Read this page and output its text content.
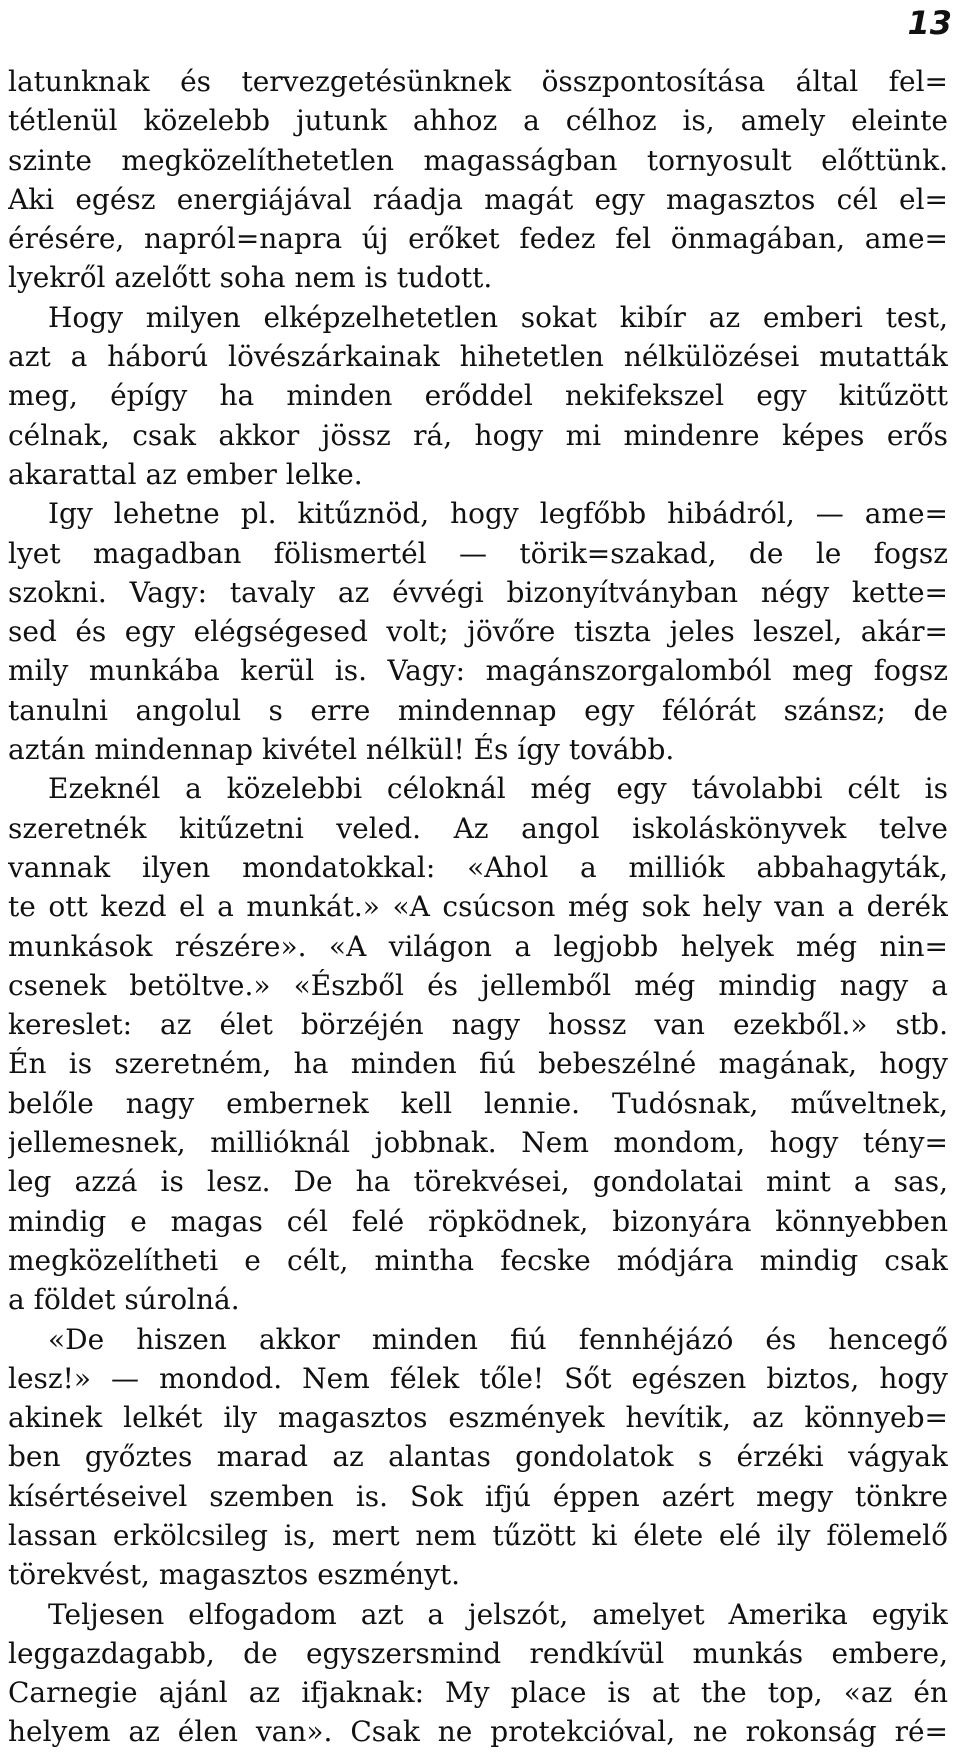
13
latunknak és tervezgetésünknek összpontosítása által fel=
tétlenül közelebb jutunk ahhoz a célhoz is, amely eleinte
szinte megközelíthetetlen magasságban tornyosult előttünk.
Aki egész energiájával ráadja magát egy magasztos cél el=
érésére, napról=napra új erőket fedez fel önmagában, ame=
lyekről azelőtt soha nem is tudott.
Hogy milyen elképzelhetetlen sokat kibír az emberi test,
azt a háború lövészárkainak hihetetlen nélkülözései mutatták
meg, épígy ha minden erőddel nekifekszel egy kitűzött
célnak, csak akkor jössz rá, hogy mi mindenre képes erős
akarattal az ember lelke.
Igy lehetne pl. kitűznöd, hogy legfőbb hibádról, — ame=
lyet magadban fölismertél — törik=szakad, de le fogsz
szokni. Vagy: tavaly az évvégi bizonyítványban négy kette=
sed és egy elégségesed volt; jövőre tiszta jeles leszel, akár=
mily munkába kerül is. Vagy: magánszorgalomból meg fogsz
tanulni angolul s erre mindennap egy félórát szánsz; de
aztán mindennap kivétel nélkül! És így tovább.
Ezeknél a közelebbi céloknál még egy távolabbi célt is
szeretnék kitűzetni veled. Az angol iskoláskönyvek telve
vannak ilyen mondatokkal: «Ahol a milliók abbahagyták,
te ott kezd el a munkát.» «A csúcson még sok hely van a derék
munkások részére». «A világon a legjobb helyek még nin=
csenek betöltve.» «Észből és jellemből még mindig nagy a
kereslet: az élet börzéjén nagy hossz van ezekből.» stb.
Én is szeretném, ha minden fiú bebeszélné magának, hogy
belőle nagy embernek kell lennie. Tudósnak, műveltnek,
jellemesnek, millióknál jobbnak. Nem mondom, hogy tény=
leg azzá is lesz. De ha törekvései, gondolatai mint a sas,
mindig e magas cél felé röpködnek, bizonyára könnyebben
megközelítheti e célt, mintha fecske módjára mindig csak
a földet súrolná.
«De hiszen akkor minden fiú fennhéjázó és hencegő
lesz!» — mondod. Nem félek tőle! Sőt egészen biztos, hogy
akinek lelkét ily magasztos eszmények hevítik, az könnyeb=
ben győztes marad az alantas gondolatok s érzéki vágyak
kísértéseivel szemben is. Sok ifjú éppen azért megy tönkre
lassan erkölcsileg is, mert nem tűzött ki élete elé ily fölemelő
törekvést, magasztos eszményt.
Teljesen elfogadom azt a jelszót, amelyet Amerika egyik
leggazdagabb, de egyszersmind rendkívül munkás embere,
Carnegie ajánl az ifjaknak: My place is at the top, «az én
helyem az élen van». Csak ne protekcióval, ne rokonság ré=
